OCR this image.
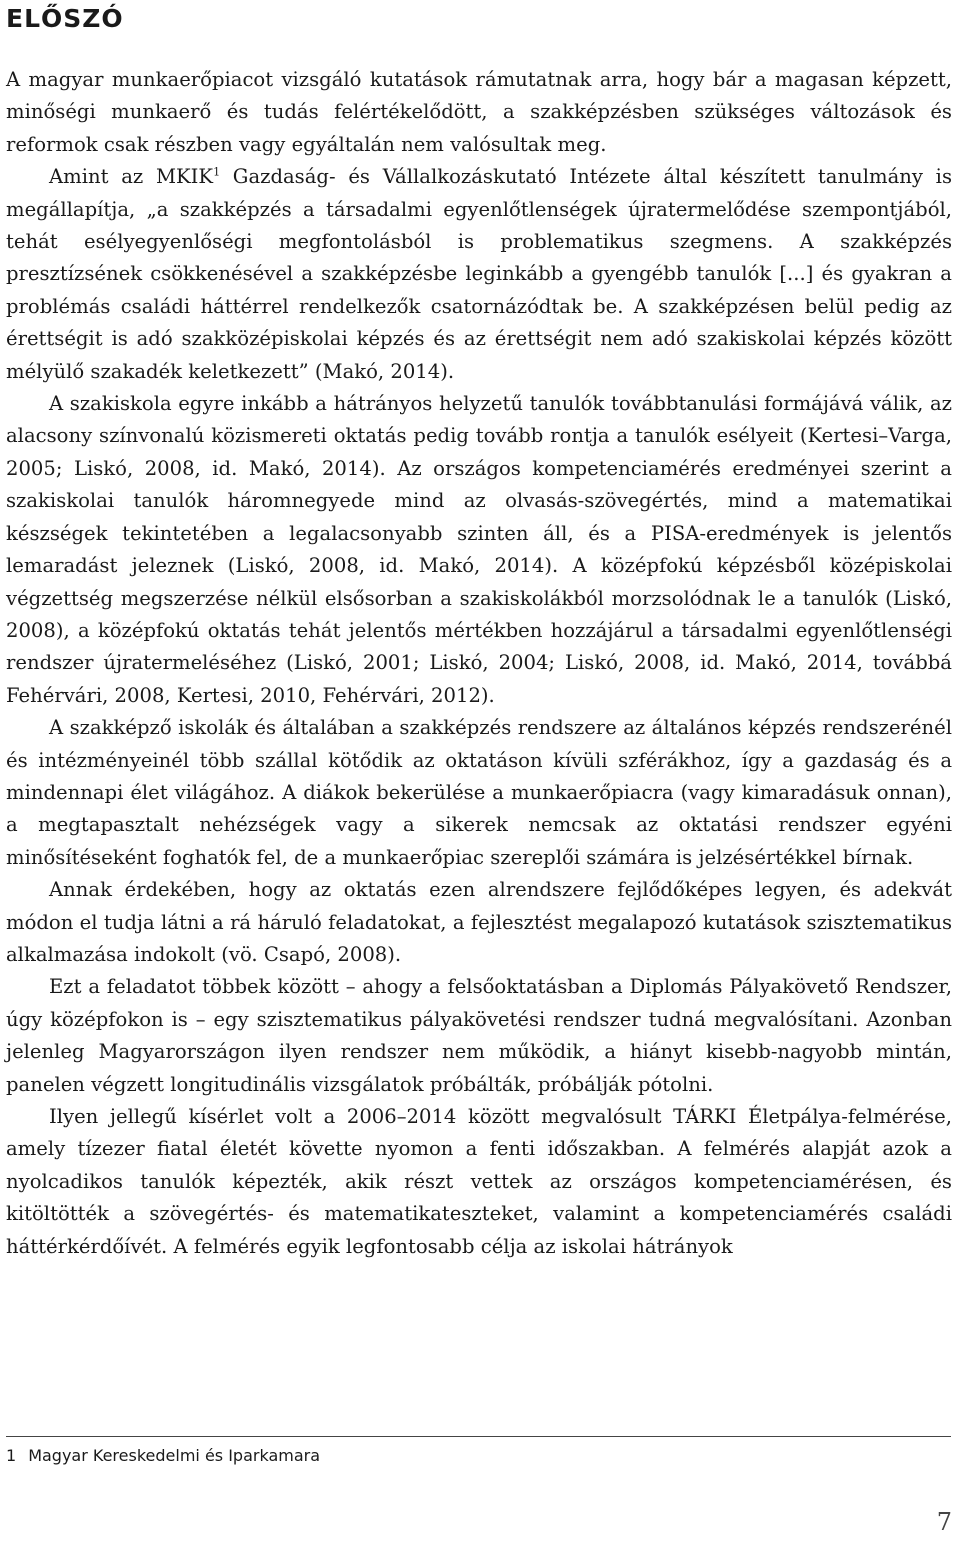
ELŐSZÓ

A magyar munkaerőpiacot vizsgáló kutatások rámutatnak arra, hogy bár a magasan képzett, minőségi munkaerő és tudás felértékelődött, a szakképzésben szükséges változások és reformok csak részben vagy egyáltalán nem valósultak meg.

Amint az MKIK$^1$ Gazdaság- és Vállalkozáskutató Intézete által készített tanulmány is megállapítja, „a szakképzés a társadalmi egyenlőtlenségek újratermelődése szempontjából, tehát esélyegyenlőségi megfontolásból is problematikus szegmens. A szakképzés presztízsének csökkenésével a szakképzésbe leginkább a gyengébb tanulók [...] és gyakran a problémás családi háttérrel rendelkezők csatornázódtak be. A szakképzésen belül pedig az érettségit is adó szakközépiskolai képzés és az érettségit nem adó szakiskolai képzés között mélyülő szakadék keletkezett” (Makó, 2014).

A szakiskola egyre inkább a hátrányos helyzetű tanulók továbbtanulási formájává válik, az alacsony színvonalú közismereti oktatás pedig tovább rontja a tanulók esélyeit (Kertesi–Varga, 2005; Liskó, 2008, id. Makó, 2014). Az országos kompetenciamérés eredményei szerint a szakiskolai tanulók háromnegyede mind az olvasás-szövegértés, mind a matematikai készségek tekintetében a legalacsonyabb szinten áll, és a PISA-eredmények is jelentős lemaradást jeleznek (Liskó, 2008, id. Makó, 2014). A középfokú képzésből középiskolai végzettség megszerzése nélkül elsősorban a szakiskolákból morzsolódnak le a tanulók (Liskó, 2008), a középfokú oktatás tehát jelentős mértékben hozzájárul a társadalmi egyenlőtlenségi rendszer újratermeléséhez (Liskó, 2001; Liskó, 2004; Liskó, 2008, id. Makó, 2014, továbbá Fehérvári, 2008, Kertesi, 2010, Fehérvári, 2012).

A szakképző iskolák és általában a szakképzés rendszere az általános képzés rendszerénél és intézményeinél több szállal kötődik az oktatáson kívüli szférákhoz, így a gazdaság és a mindennapi élet világához. A diákok bekerülése a munkaerőpiacra (vagy kimaradásuk onnan), a megtapasztalt nehézségek vagy a sikerek nemcsak az oktatási rendszer egyéni minősítéseként foghatók fel, de a munkaerőpiac szereplői számára is jelzésértékkel bírnak.

Annak érdekében, hogy az oktatás ezen alrendszere fejlődőképes legyen, és adekvát módon el tudja látni a rá háruló feladatokat, a fejlesztést megalapozó kutatások szisztematikus alkalmazása indokolt (vö. Csapó, 2008).

Ezt a feladatot többek között – ahogy a felsőoktatásban a Diplomás Pályakövető Rendszer, úgy középfokon is – egy szisztematikus pályakövetési rendszer tudná megvalósítani. Azonban jelenleg Magyarországon ilyen rendszer nem működik, a hiányt kisebb-nagyobb mintán, panelen végzett longitudinális vizsgálatok próbálták, próbálják pótolni.

Ilyen jellegű kísérlet volt a 2006–2014 között megvalósult TÁRKI Életpálya-felmérése, amely tízezer fiatal életét követte nyomon a fenti időszakban. A felmérés alapját azok a nyolcadikos tanulók képezték, akik részt vettek az országos kompetenciamérésen, és kitöltötték a szövegértés- és matematikateszteket, valamint a kompetenciamérés családi háttérkérdőívét. A felmérés egyik legfontosabb célja az iskolai hátrányok

1 Magyar Kereskedelmi és Iparkamara
7
